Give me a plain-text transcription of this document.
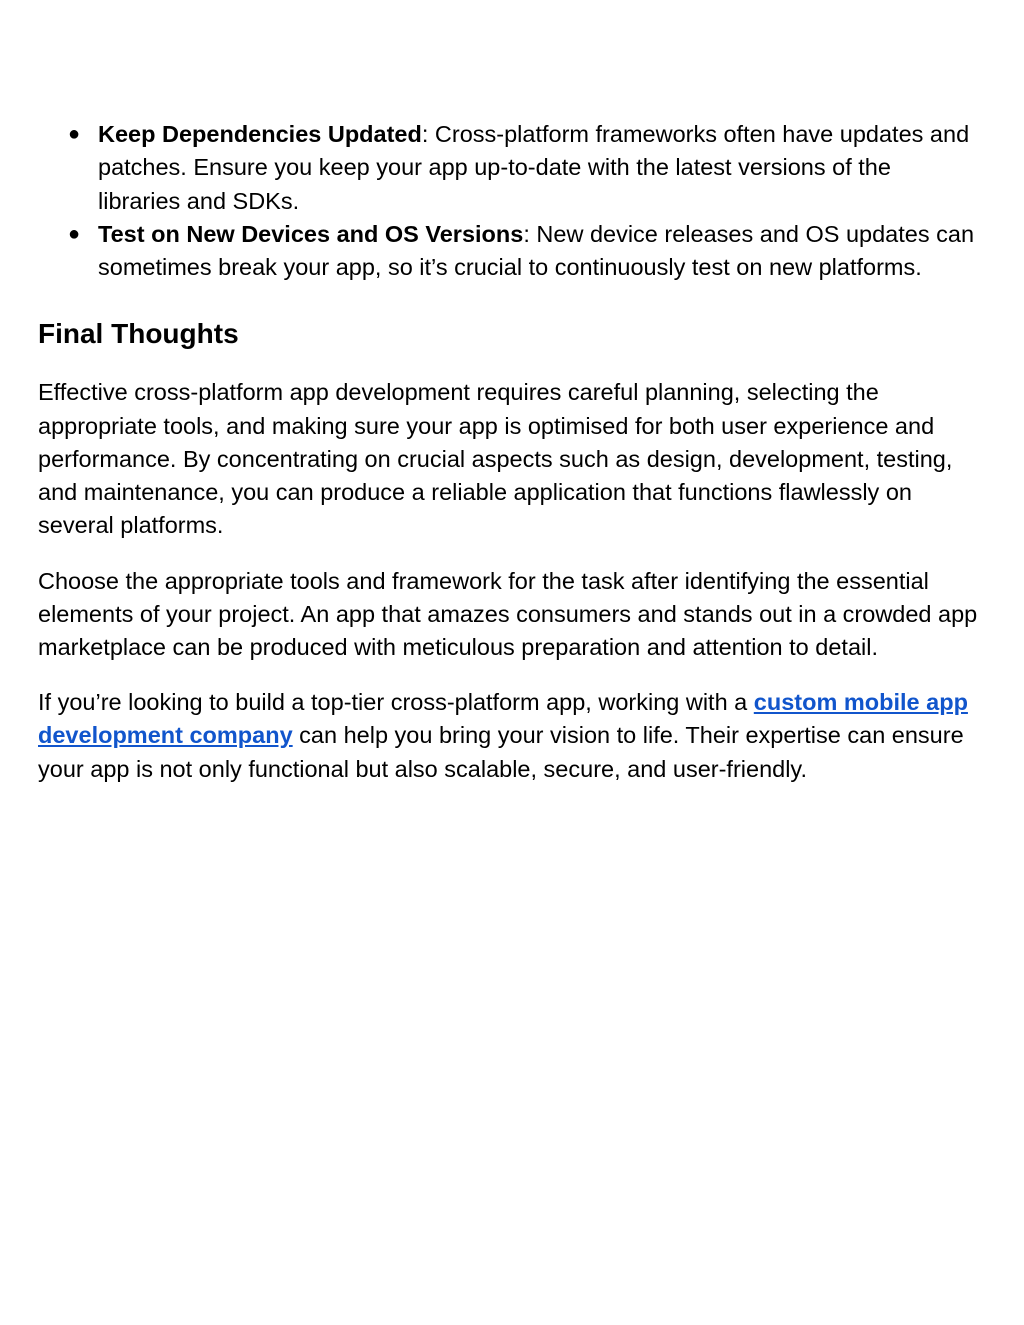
● Keep Dependencies Updated: Cross-platform frameworks often have updates and patches. Ensure you keep your app up-to-date with the latest versions of the libraries and SDKs.
● Test on New Devices and OS Versions: New device releases and OS updates can sometimes break your app, so it’s crucial to continuously test on new platforms.
Final Thoughts

Effective cross-platform app development requires careful planning, selecting the appropriate tools, and making sure your app is optimised for both user experience and performance. By concentrating on crucial aspects such as design, development, testing, and maintenance, you can produce a reliable application that functions flawlessly on several platforms.

Choose the appropriate tools and framework for the task after identifying the essential elements of your project. An app that amazes consumers and stands out in a crowded app marketplace can be produced with meticulous preparation and attention to detail.

If you’re looking to build a top-tier cross-platform app, working with a custom mobile app development company can help you bring your vision to life. Their expertise can ensure your app is not only functional but also scalable, secure, and user-friendly.
